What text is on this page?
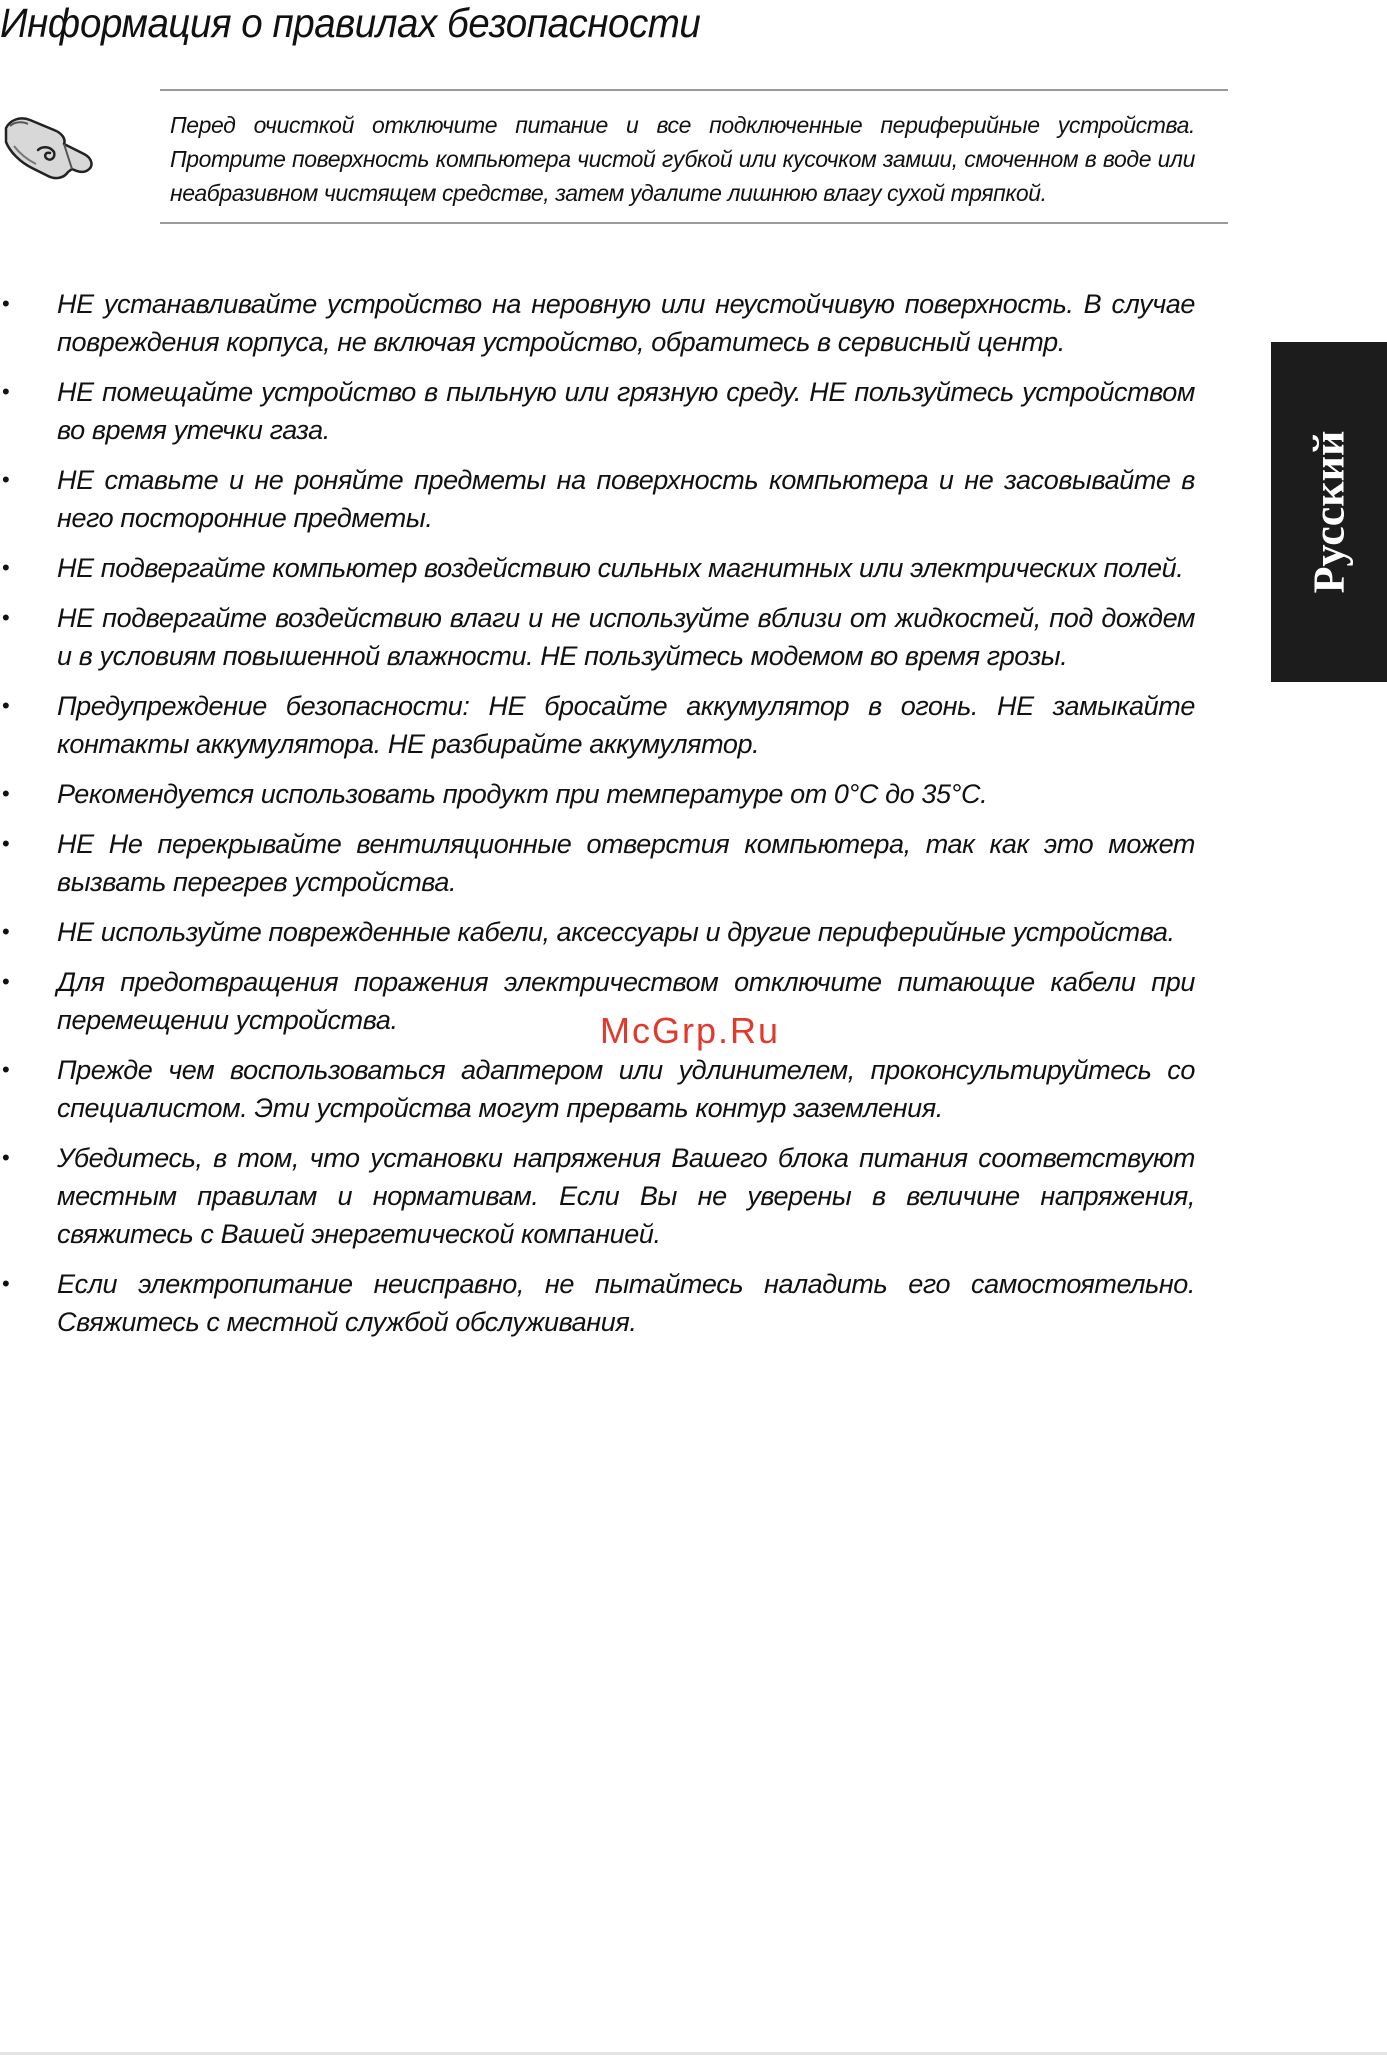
Информация о правилах безопасности

Перед очисткой отключите питание и все подключенные периферийные устройства. Протрите поверхность компьютера чистой губкой или кусочком замши, смоченном в воде или неабразивном чистящем средстве, затем удалите лишнюю влагу сухой тряпкой.

Русский
• НЕ устанавливайте устройство на неровную или неустойчивую поверхность. В случае повреждения корпуса, не включая устройство, обратитесь в сервисный центр.
• НЕ помещайте устройство в пыльную или грязную среду. НЕ пользуйтесь устройством во время утечки газа.
• НЕ ставьте и не роняйте предметы на поверхность компьютера и не засовывайте в него посторонние предметы.
• НЕ подвергайте компьютер воздействию сильных магнитных или электрических полей.
• НЕ подвергайте воздействию влаги и не используйте вблизи от жидкостей, под дождем и в условиям повышенной влажности. НЕ пользуйтесь модемом во время грозы.
• Предупреждение безопасности: НЕ бросайте аккумулятор в огонь. НЕ замыкайте контакты аккумулятора. НЕ разбирайте аккумулятор.
• Рекомендуется использовать продукт при температуре от 0°C до 35°C.
• НЕ Не перекрывайте вентиляционные отверстия компьютера, так как это может вызвать перегрев устройства.
• НЕ используйте поврежденные кабели, аксессуары и другие периферийные устройства.
• Для предотвращения поражения электричеством отключите питающие кабели при перемещении устройства.
• Прежде чем воспользоваться адаптером или удлинителем, проконсультируйтесь со специалистом. Эти устройства могут прервать контур заземления.
• Убедитесь, в том, что установки напряжения Вашего блока питания соответствуют местным правилам и нормативам. Если Вы не уверены в величине напряжения, свяжитесь с Вашей энергетической компанией.
• Если электропитание неисправно, не пытайтесь наладить его самостоятельно. Свяжитесь с местной службой обслуживания.
McGrp.Ru
